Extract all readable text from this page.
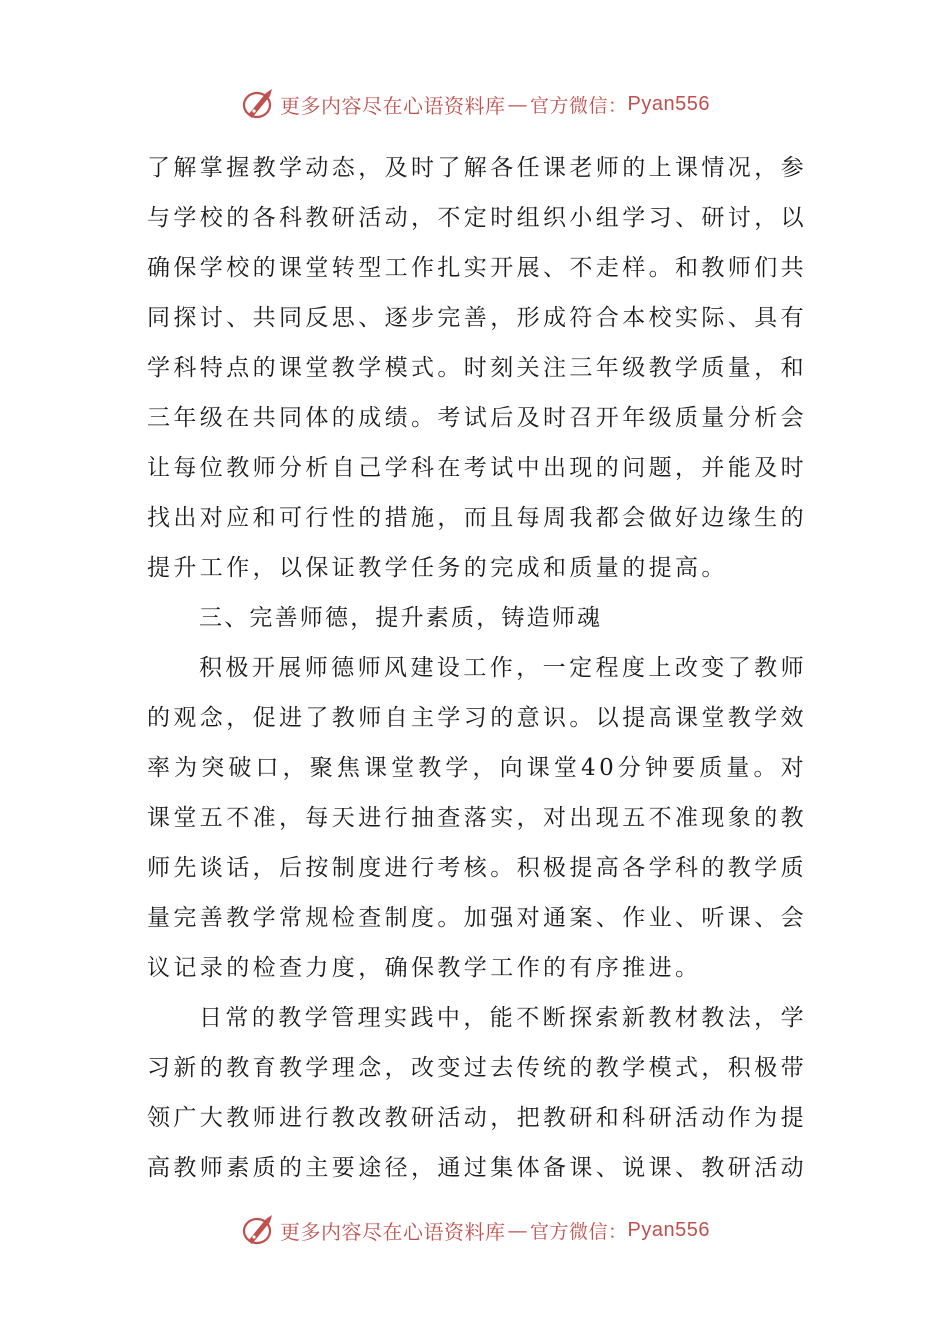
更多内容尽在心语资料库 — 官方微信： Pyan556

了解掌握教学动态，及时了解各任课老师的上课情况，参与学校的各科教研活动，不定时组织小组学习、研讨，以确保学校的课堂转型工作扎实开展、不走样。和教师们共同探讨、共同反思、逐步完善，形成符合本校实际、具有学科特点的课堂教学模式。时刻关注三年级教学质量，和三年级在共同体的成绩。考试后及时召开年级质量分析会让每位教师分析自己学科在考试中出现的问题，并能及时找出对应和可行性的措施，而且每周我都会做好边缘生的提升工作，以保证教学任务的完成和质量的提高。

三、完善师德，提升素质，铸造师魂

积极开展师德师风建设工作，一定程度上改变了教师的观念，促进了教师自主学习的意识。以提高课堂教学效率为突破口，聚焦课堂教学，向课堂40分钟要质量。对课堂五不准，每天进行抽查落实，对出现五不准现象的教师先谈话，后按制度进行考核。积极提高各学科的教学质量完善教学常规检查制度。加强对通案、作业、听课、会议记录的检查力度，确保教学工作的有序推进。

日常的教学管理实践中，能不断探索新教材教法，学习新的教育教学理念，改变过去传统的教学模式，积极带领广大教师进行教改教研活动，把教研和科研活动作为提高教师素质的主要途径，通过集体备课、说课、教研活动

更多内容尽在心语资料库 — 官方微信： Pyan556
